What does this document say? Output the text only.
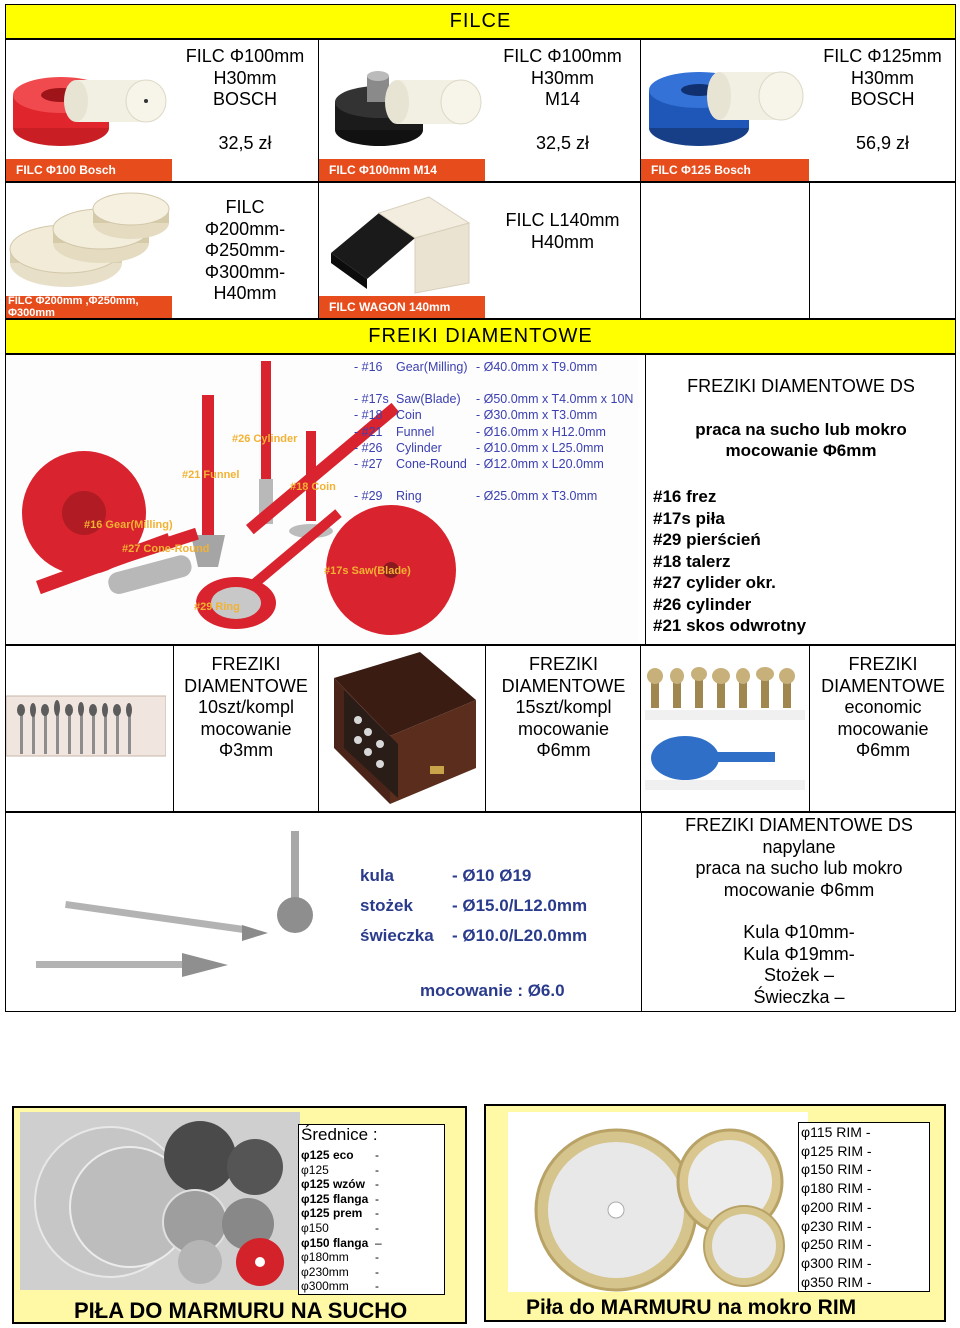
FILCE
FILC Φ100 Bosch
FILC Φ100mm
H30mm
BOSCH
32,5 zł
FILC Φ100mm M14
FILC Φ100mm
H30mm
M14
32,5 zł
FILC Φ125 Bosch
FILC Φ125mm
H30mm
BOSCH
56,9 zł
FILC Φ200mm ,Φ250mm, Φ300mm
FILC
Φ200mm-
Φ250mm-
Φ300mm-
H40mm
FILC WAGON 140mm
FILC L140mm
H40mm
FREIKI DIAMENTOWE
- #16 Gear(Milling) - Ø40.0mm x T9.0mm
- #17s Saw(Blade) - Ø50.0mm x T4.0mm x 10N
- #18 Coin	- Ø30.0mm x T3.0mm
- #21 Funnel	- Ø16.0mm x H12.0mm
- #26 Cylinder	- Ø10.0mm x L25.0mm
- #27 Cone-Round - Ø12.0mm x L20.0mm
- #29 Ring	- Ø25.0mm x T3.0mm
#26 Cylinder
#21 Funnel
#18 Coin
#16 Gear(Milling)
#27 Cone-Round
#17s Saw(Blade)
#29 Ring
FREZIKI DIAMENTOWE DS
praca na sucho lub mokro
mocowanie Φ6mm
#16 frez
#17s piła
#29 pierścień
#18 talerz
#27 cylider okr.
#26 cylinder
#21 skos odwrotny
FREZIKI
DIAMENTOWE
10szt/kompl
mocowanie
Φ3mm
FREZIKI
DIAMENTOWE
15szt/kompl
mocowanie
Φ6mm
FREZIKI
DIAMENTOWE
economic
mocowanie
Φ6mm
kula	- Ø10 Ø19
stożek - Ø15.0/L12.0mm
świeczka - Ø10.0/L20.0mm
mocowanie : Ø6.0
FREZIKI DIAMENTOWE DS
napylane
praca na sucho lub mokro
mocowanie Φ6mm
Kula Φ10mm-
Kula Φ19mm-
Stożek –
Świeczka –
Średnice :
φ125 eco	-
φ125	-
φ125 wzów -
φ125 flanga -
φ125 prem	-
φ150	-
φ150 flanga –
φ180mm	-
φ230mm	-
φ300mm	-
PIŁA DO MARMURU NA SUCHO
φ115 RIM -
φ125 RIM -
φ150 RIM -
φ180 RIM -
φ200 RIM -
φ230 RIM -
φ250 RIM -
φ300 RIM -
φ350 RIM -
Piła do MARMURU na mokro RIM
